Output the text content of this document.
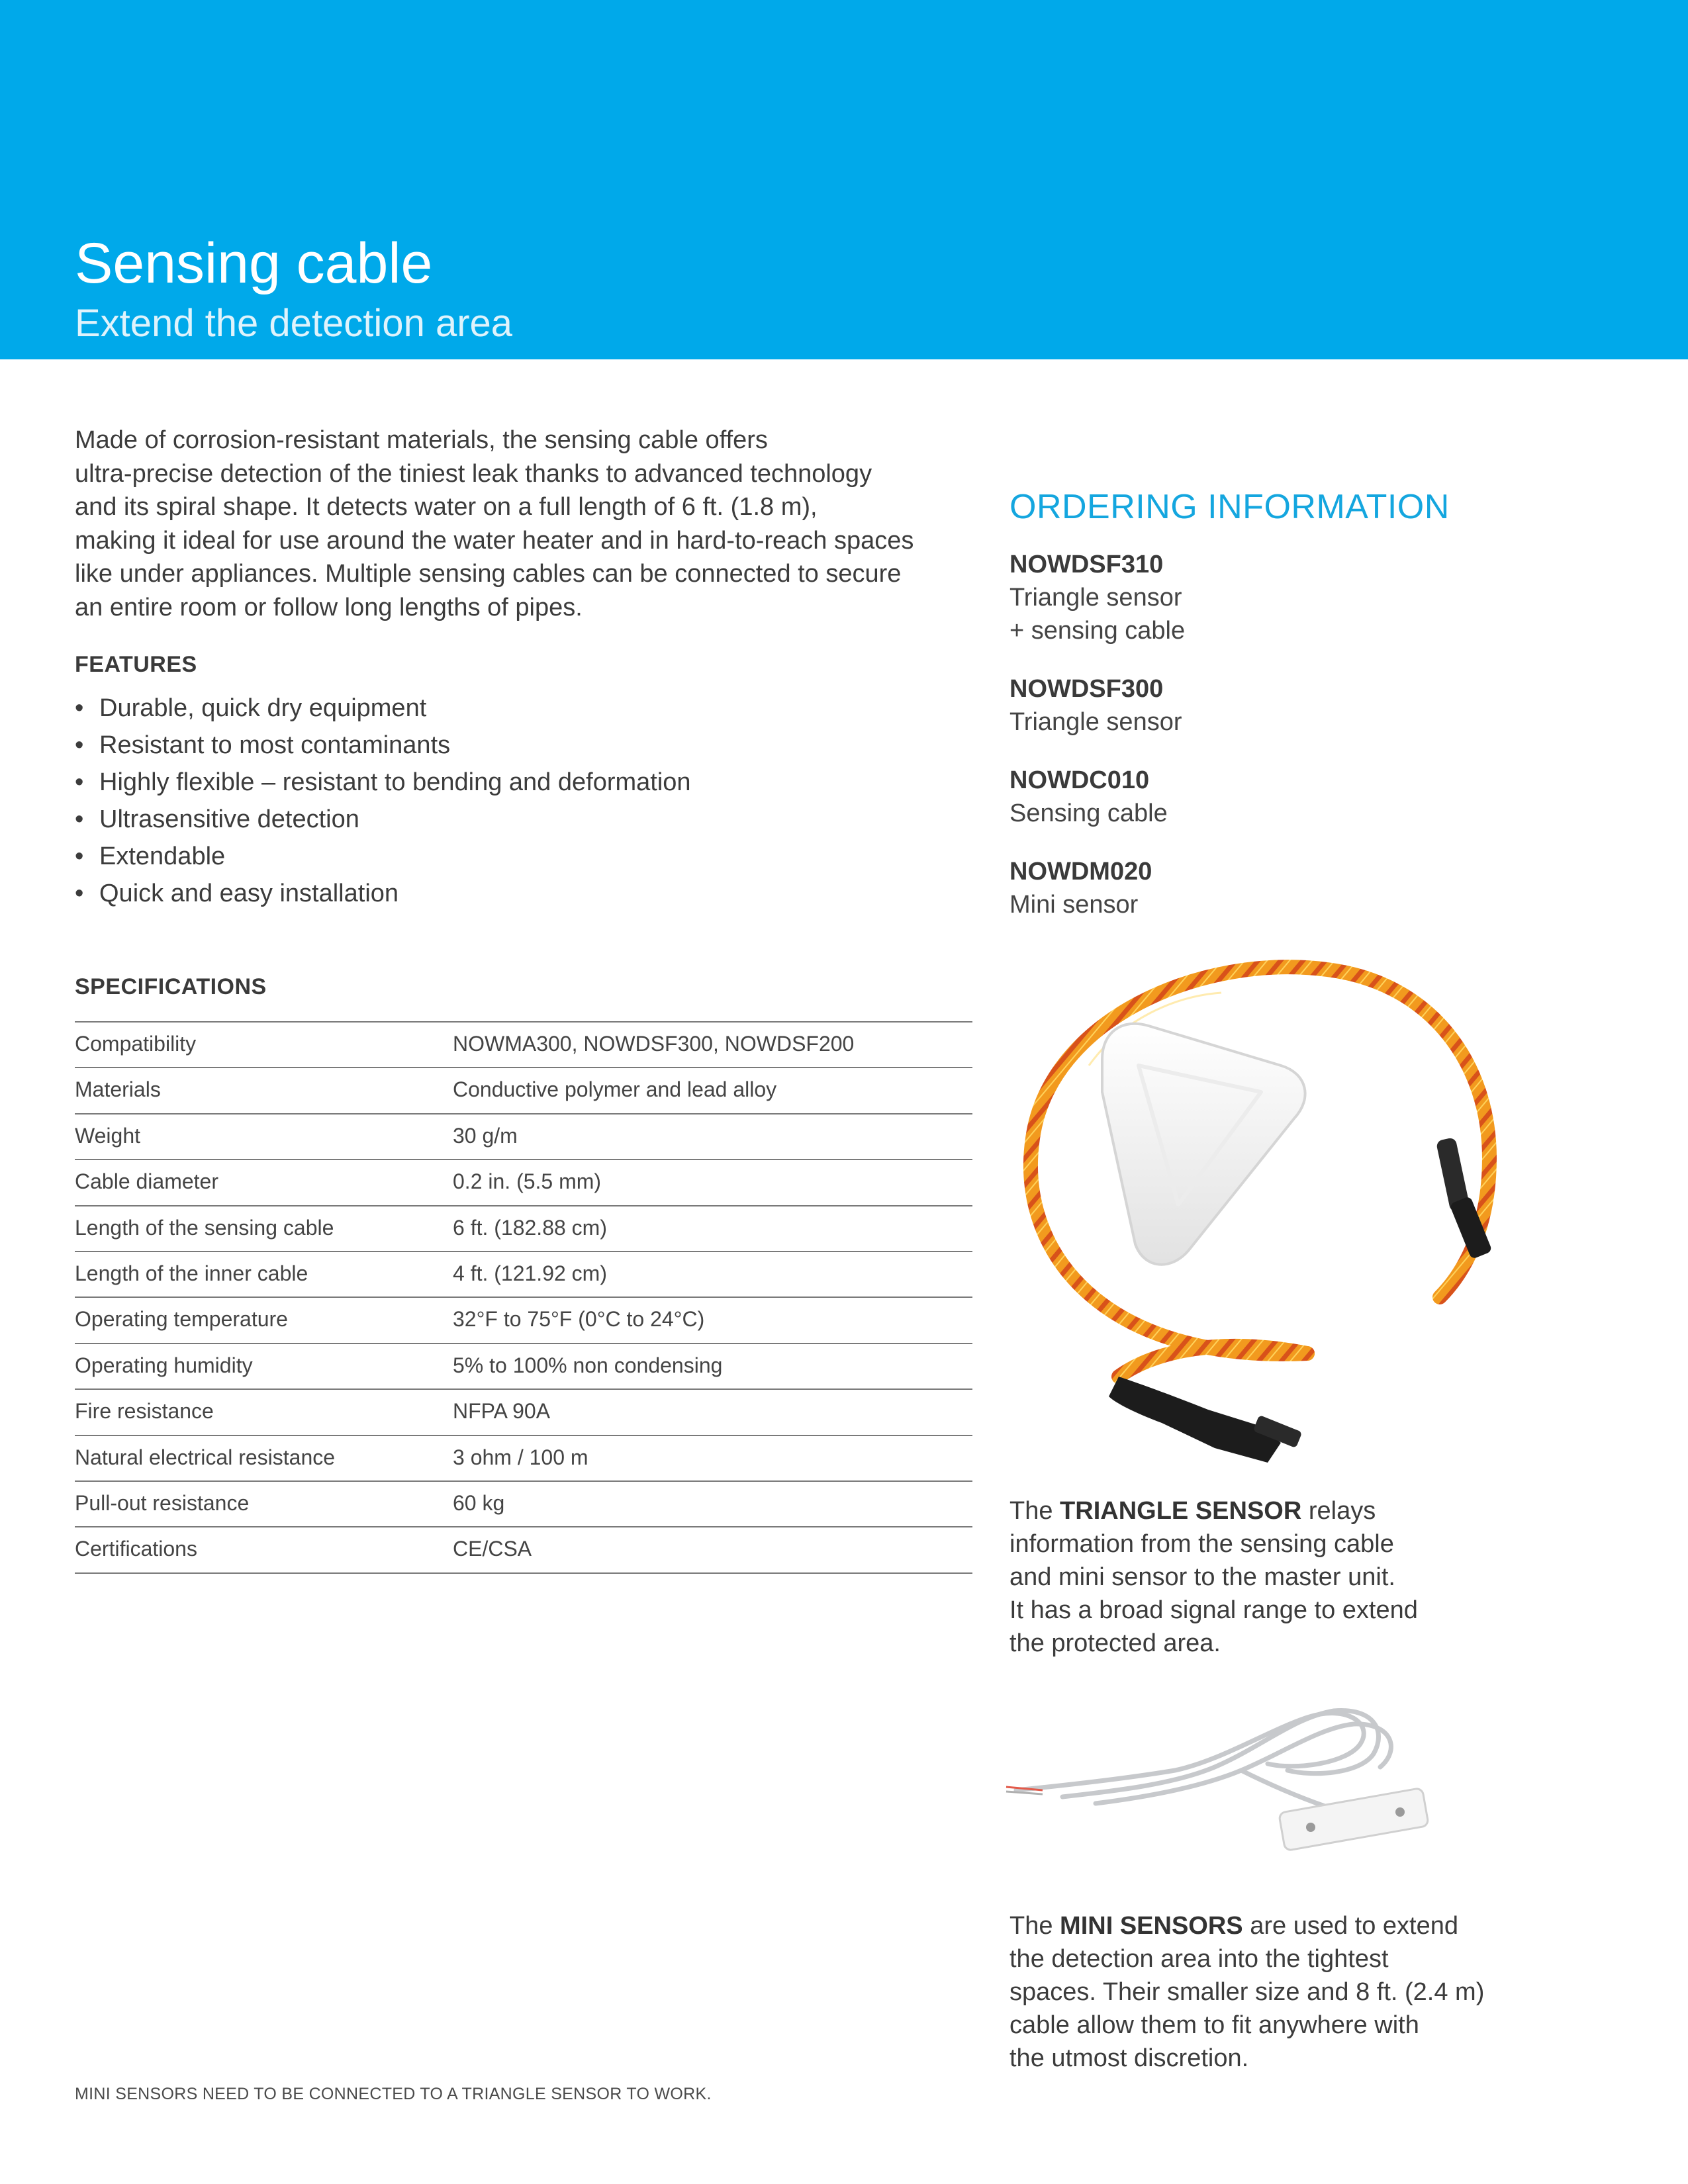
Sensing cable
Extend the detection area

Made of corrosion-resistant materials, the sensing cable offers
ultra-precise detection of the tiniest leak thanks to advanced technology
and its spiral shape. It detects water on a full length of 6 ft. (1.8 m),
making it ideal for use around the water heater and in hard-to-reach spaces
like under appliances. Multiple sensing cables can be connected to secure
an entire room or follow long lengths of pipes.

FEATURES
• Durable, quick dry equipment
• Resistant to most contaminants
• Highly flexible – resistant to bending and deformation
• Ultrasensitive detection
• Extendable
• Quick and easy installation
SPECIFICATIONS
Compatibility	NOWMA300, NOWDSF300, NOWDSF200
Materials	Conductive polymer and lead alloy
Weight	30 g/m
Cable diameter	0.2 in. (5.5 mm)
Length of the sensing cable	6 ft. (182.88 cm)
Length of the inner cable	4 ft. (121.92 cm)
Operating temperature	32°F to 75°F (0°C to 24°C)
Operating humidity	5% to 100% non condensing
Fire resistance	NFPA 90A
Natural electrical resistance	3 ohm / 100 m
Pull-out resistance	60 kg
Certifications	CE/CSA

MINI SENSORS NEED TO BE CONNECTED TO A TRIANGLE SENSOR TO WORK.

ORDERING INFORMATION
NOWDSF310
Triangle sensor
+ sensing cable
NOWDSF300
Triangle sensor
NOWDC010
Sensing cable
NOWDM020
Mini sensor

The TRIANGLE SENSOR relays
information from the sensing cable
and mini sensor to the master unit.
It has a broad signal range to extend
the protected area.

The MINI SENSORS are used to extend
the detection area into the tightest
spaces. Their smaller size and 8 ft. (2.4 m)
cable allow them to fit anywhere with
the utmost discretion.
